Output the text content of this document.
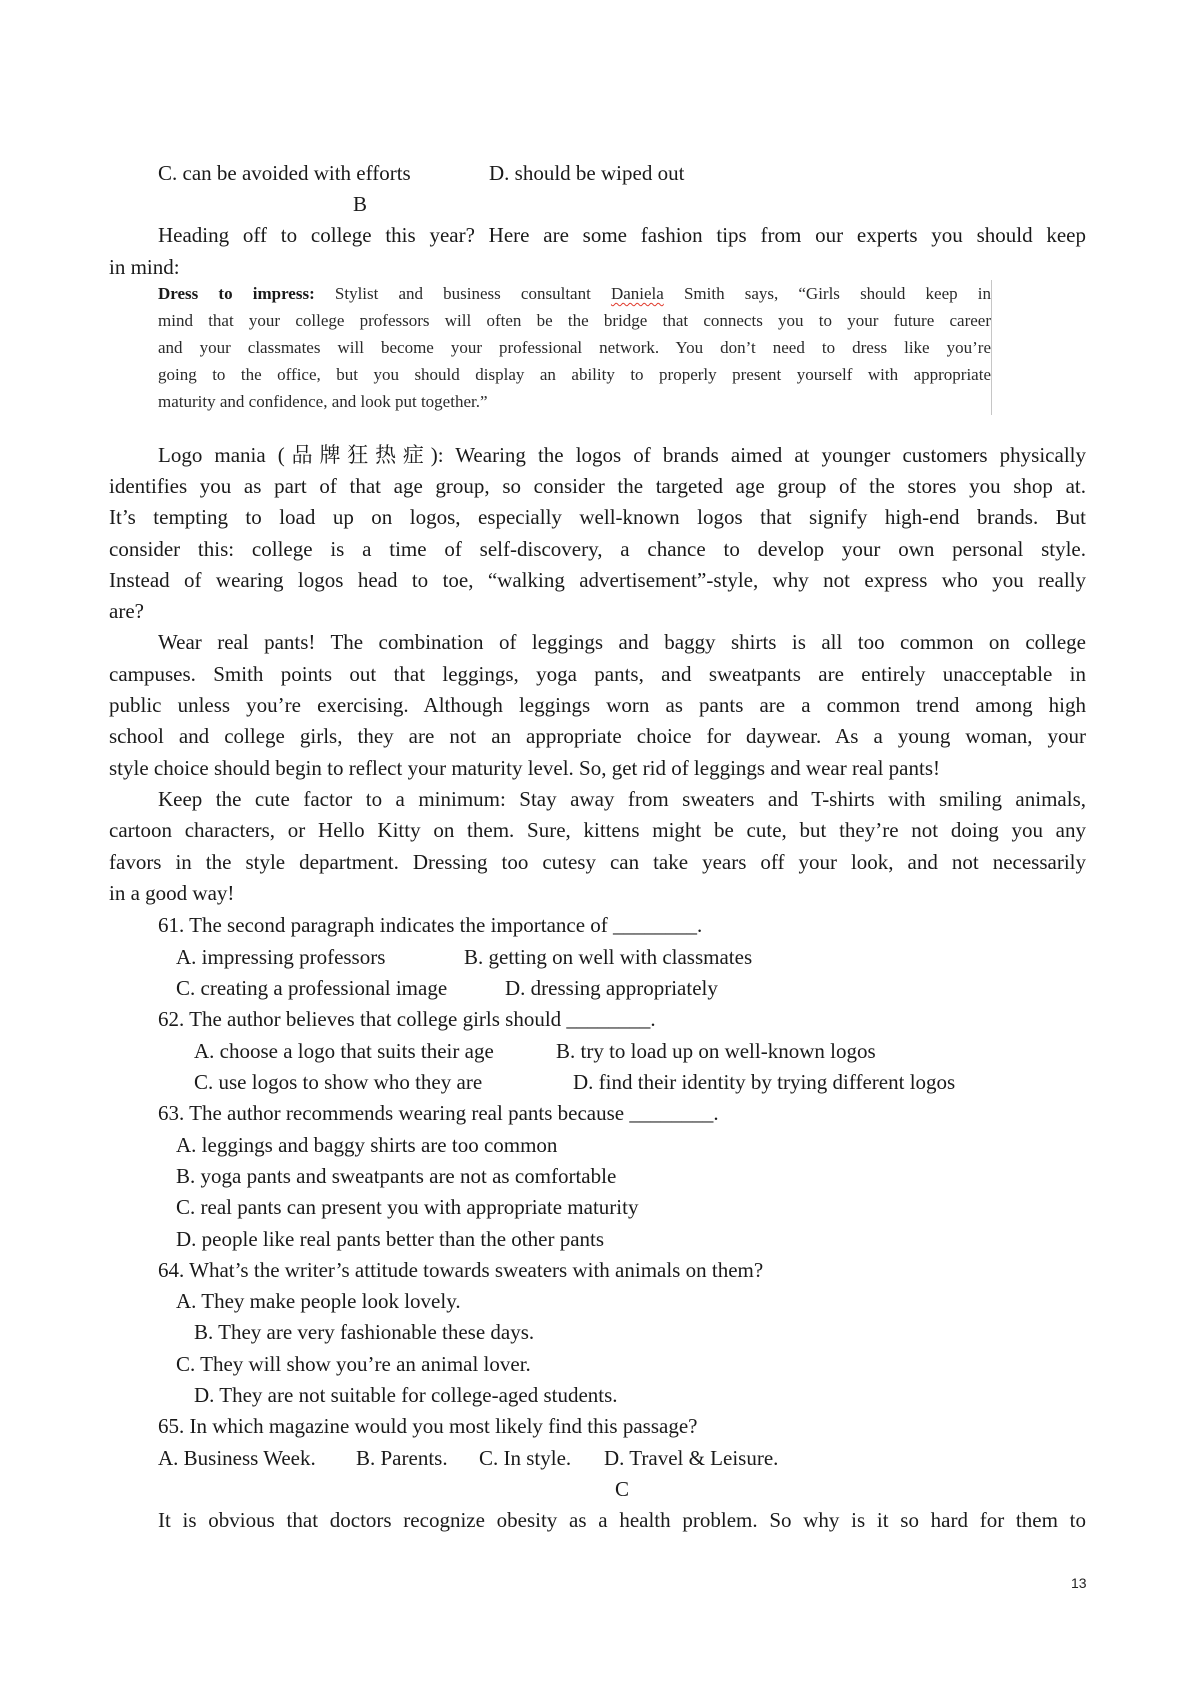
C. can be avoided with efforts	D. should be wiped out
B
Heading off to college this year? Here are some fashion tips from our experts you should keep
in mind:
Dress to impress: Stylist and business consultant Daniela Smith says, “Girls should keep in
mind that your college professors will often be the bridge that connects you to your future career
and your classmates will become your professional network. You don’t need to dress like you’re
going to the office, but you should display an ability to properly present yourself with appropriate
maturity and confidence, and look put together.”
Logo mania (品牌狂热症): Wearing the logos of brands aimed at younger customers physically
identifies you as part of that age group, so consider the targeted age group of the stores you shop at.
It’s tempting to load up on logos, especially well-known logos that signify high-end brands. But
consider this: college is a time of self-discovery, a chance to develop your own personal style.
Instead of wearing logos head to toe, “walking advertisement”-style, why not express who you really
are?
Wear real pants! The combination of leggings and baggy shirts is all too common on college
campuses. Smith points out that leggings, yoga pants, and sweatpants are entirely unacceptable in
public unless you’re exercising. Although leggings worn as pants are a common trend among high
school and college girls, they are not an appropriate choice for daywear. As a young woman, your
style choice should begin to reflect your maturity level. So, get rid of leggings and wear real pants!
Keep the cute factor to a minimum: Stay away from sweaters and T-shirts with smiling animals,
cartoon characters, or Hello Kitty on them. Sure, kittens might be cute, but they’re not doing you any
favors in the style department. Dressing too cutesy can take years off your look, and not necessarily
in a good way!
61. The second paragraph indicates the importance of ________.
A. impressing professors	B. getting on well with classmates
C. creating a professional image	D. dressing appropriately
62. The author believes that college girls should ________.
A. choose a logo that suits their age	B. try to load up on well-known logos
C. use logos to show who they are	D. find their identity by trying different logos
63. The author recommends wearing real pants because ________.
A. leggings and baggy shirts are too common
B. yoga pants and sweatpants are not as comfortable
C. real pants can present you with appropriate maturity
D. people like real pants better than the other pants
64. What’s the writer’s attitude towards sweaters with animals on them?
A. They make people look lovely.
B. They are very fashionable these days.
C. They will show you’re an animal lover.
D. They are not suitable for college-aged students.
65. In which magazine would you most likely find this passage?
A. Business Week. B. Parents. C. In style. D. Travel & Leisure.
C
It is obvious that doctors recognize obesity as a health problem. So why is it so hard for them to
13
